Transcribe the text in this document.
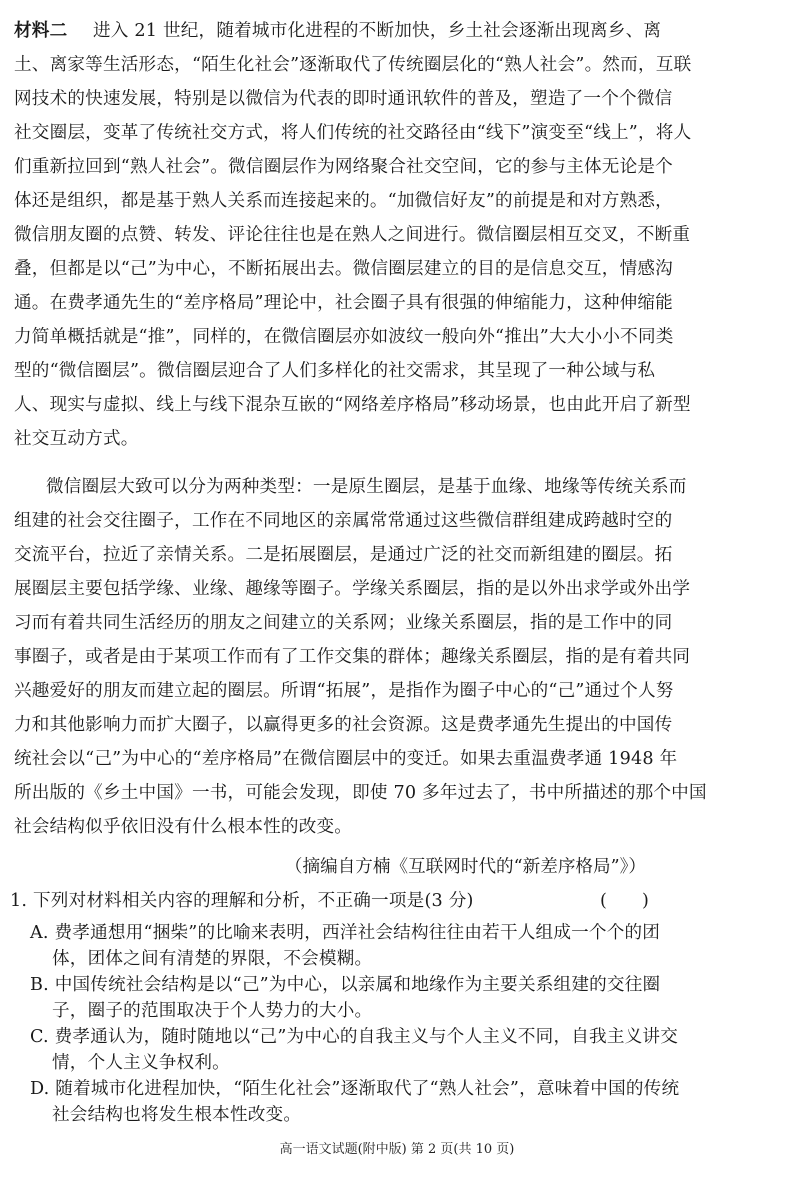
材料二 进入 21 世纪，随着城市化进程的不断加快，乡土社会逐渐出现离乡、离
土、离家等生活形态，“陌生化社会”逐渐取代了传统圈层化的“熟人社会”。然而，互联
网技术的快速发展，特别是以微信为代表的即时通讯软件的普及，塑造了一个个微信
社交圈层，变革了传统社交方式，将人们传统的社交路径由“线下”演变至“线上”，将人
们重新拉回到“熟人社会”。微信圈层作为网络聚合社交空间，它的参与主体无论是个
体还是组织，都是基于熟人关系而连接起来的。“加微信好友”的前提是和对方熟悉，
微信朋友圈的点赞、转发、评论往往也是在熟人之间进行。微信圈层相互交叉，不断重
叠，但都是以“己”为中心，不断拓展出去。微信圈层建立的目的是信息交互，情感沟
通。在费孝通先生的“差序格局”理论中，社会圈子具有很强的伸缩能力，这种伸缩能
力简单概括就是“推”，同样的，在微信圈层亦如波纹一般向外“推出”大大小小不同类
型的“微信圈层”。微信圈层迎合了人们多样化的社交需求，其呈现了一种公域与私
人、现实与虚拟、线上与线下混杂互嵌的“网络差序格局”移动场景，也由此开启了新型
社交互动方式。
微信圈层大致可以分为两种类型：一是原生圈层，是基于血缘、地缘等传统关系而
组建的社会交往圈子，工作在不同地区的亲属常常通过这些微信群组建成跨越时空的
交流平台，拉近了亲情关系。二是拓展圈层，是通过广泛的社交而新组建的圈层。拓
展圈层主要包括学缘、业缘、趣缘等圈子。学缘关系圈层，指的是以外出求学或外出学
习而有着共同生活经历的朋友之间建立的关系网；业缘关系圈层，指的是工作中的同
事圈子，或者是由于某项工作而有了工作交集的群体；趣缘关系圈层，指的是有着共同
兴趣爱好的朋友而建立起的圈层。所谓“拓展”，是指作为圈子中心的“己”通过个人努
力和其他影响力而扩大圈子，以赢得更多的社会资源。这是费孝通先生提出的中国传
统社会以“己”为中心的“差序格局”在微信圈层中的变迁。如果去重温费孝通 1948 年
所出版的《乡土中国》一书，可能会发现，即使 70 多年过去了，书中所描述的那个中国
社会结构似乎依旧没有什么根本性的改变。
（摘编自方楠《互联网时代的“新差序格局”》）
1. 下列对材料相关内容的理解和分析，不正确一项是(3 分)	(　　)
A. 费孝通想用“捆柴”的比喻来表明，西洋社会结构往往由若干人组成一个个的团
体，团体之间有清楚的界限，不会模糊。
B. 中国传统社会结构是以“己”为中心，以亲属和地缘作为主要关系组建的交往圈
子，圈子的范围取决于个人势力的大小。
高一语文试题(附中版) 第 2 页(共 10 页)
C. 费孝通认为，随时随地以“己”为中心的自我主义与个人主义不同，自我主义讲交
情，个人主义争权利。
D. 随着城市化进程加快，“陌生化社会”逐渐取代了“熟人社会”，意味着中国的传统
社会结构也将发生根本性改变。
